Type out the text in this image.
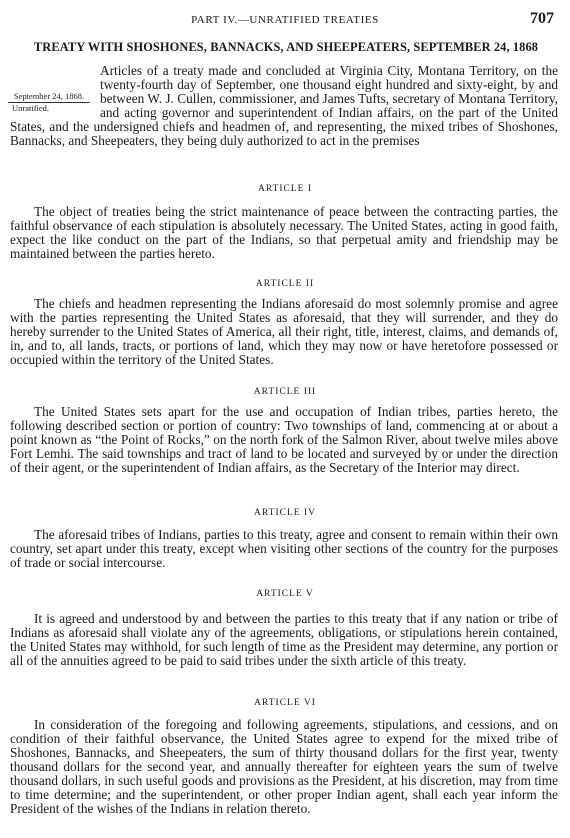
PART IV.—UNRATIFIED TREATIES	707
TREATY WITH SHOSHONES, BANNACKS, AND SHEEPEATERS, SEPTEMBER 24, 1868

September 24, 1868.
Unratified.
Articles of a treaty made and concluded at Virginia City, Montana Territory, on the twenty-fourth day of September, one thousand eight hundred and sixty-eight, by and between W. J. Cullen, commissioner, and James Tufts, secretary of Montana Territory, and acting governor and superintendent of Indian affairs, on the part of the United States, and the undersigned chiefs and headmen of, and representing, the mixed tribes of Shoshones, Bannacks, and Sheepeaters, they being duly authorized to act in the premises

ARTICLE I

The object of treaties being the strict maintenance of peace between the contracting parties, the faithful observance of each stipulation is absolutely necessary. The United States, acting in good faith, expect the like conduct on the part of the Indians, so that perpetual amity and friendship may be maintained between the parties hereto.

ARTICLE II

The chiefs and headmen representing the Indians aforesaid do most solemnly promise and agree with the parties representing the United States as aforesaid, that they will surrender, and they do hereby surrender to the United States of America, all their right, title, interest, claims, and demands of, in, and to, all lands, tracts, or portions of land, which they may now or have heretofore possessed or occupied within the territory of the United States.

ARTICLE III

The United States sets apart for the use and occupation of Indian tribes, parties hereto, the following described section or portion of country: Two townships of land, commencing at or about a point known as “the Point of Rocks,” on the north fork of the Salmon River, about twelve miles above Fort Lemhi. The said townships and tract of land to be located and surveyed by or under the direction of their agent, or the superintendent of Indian affairs, as the Secretary of the Interior may direct.

ARTICLE IV

The aforesaid tribes of Indians, parties to this treaty, agree and consent to remain within their own country, set apart under this treaty, except when visiting other sections of the country for the purposes of trade or social intercourse.

ARTICLE V

It is agreed and understood by and between the parties to this treaty that if any nation or tribe of Indians as aforesaid shall violate any of the agreements, obligations, or stipulations herein contained, the United States may withhold, for such length of time as the President may determine, any portion or all of the annuities agreed to be paid to said tribes under the sixth article of this treaty.

ARTICLE VI

In consideration of the foregoing and following agreements, stipulations, and cessions, and on condition of their faithful observance, the United States agree to expend for the mixed tribe of Shoshones, Bannacks, and Sheepeaters, the sum of thirty thousand dollars for the first year, twenty thousand dollars for the second year, and annually thereafter for eighteen years the sum of twelve thousand dollars, in such useful goods and provisions as the President, at his discretion, may from time to time determine; and the superintendent, or other proper Indian agent, shall each year inform the President of the wishes of the Indians in relation thereto.
